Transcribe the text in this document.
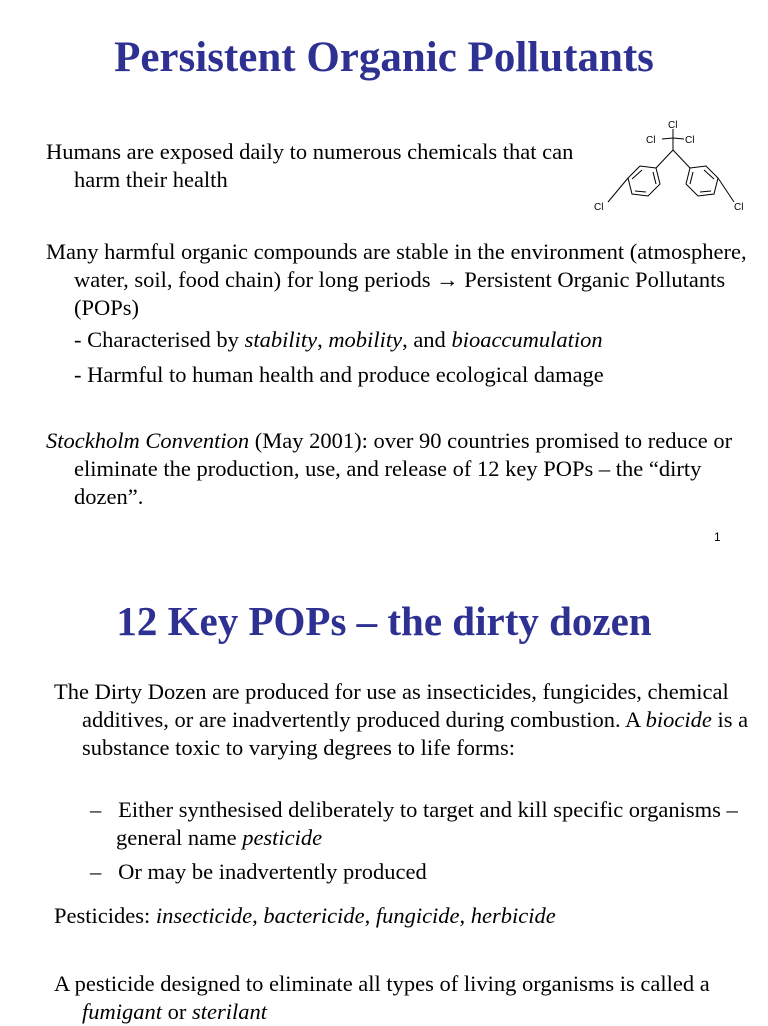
Persistent Organic Pollutants

Humans are exposed daily to numerous chemicals that can harm their health

Cl
Cl	Cl
Cl	Cl

Many harmful organic compounds are stable in the environment (atmosphere, water, soil, food chain) for long periods → Persistent Organic Pollutants (POPs)

- Characterised by stability, mobility, and bioaccumulation

- Harmful to human health and produce ecological damage

Stockholm Convention (May 2001): over 90 countries promised to reduce or eliminate the production, use, and release of 12 key POPs – the “dirty dozen”.

1
12 Key POPs – the dirty dozen

The Dirty Dozen are produced for use as insecticides, fungicides, chemical additives, or are inadvertently produced during combustion. A biocide is a substance toxic to varying degrees to life forms:

– Either synthesised deliberately to target and kill specific organisms – general name pesticide

– Or may be inadvertently produced

Pesticides: insecticide, bactericide, fungicide, herbicide

A pesticide designed to eliminate all types of living organisms is called a fumigant or sterilant
